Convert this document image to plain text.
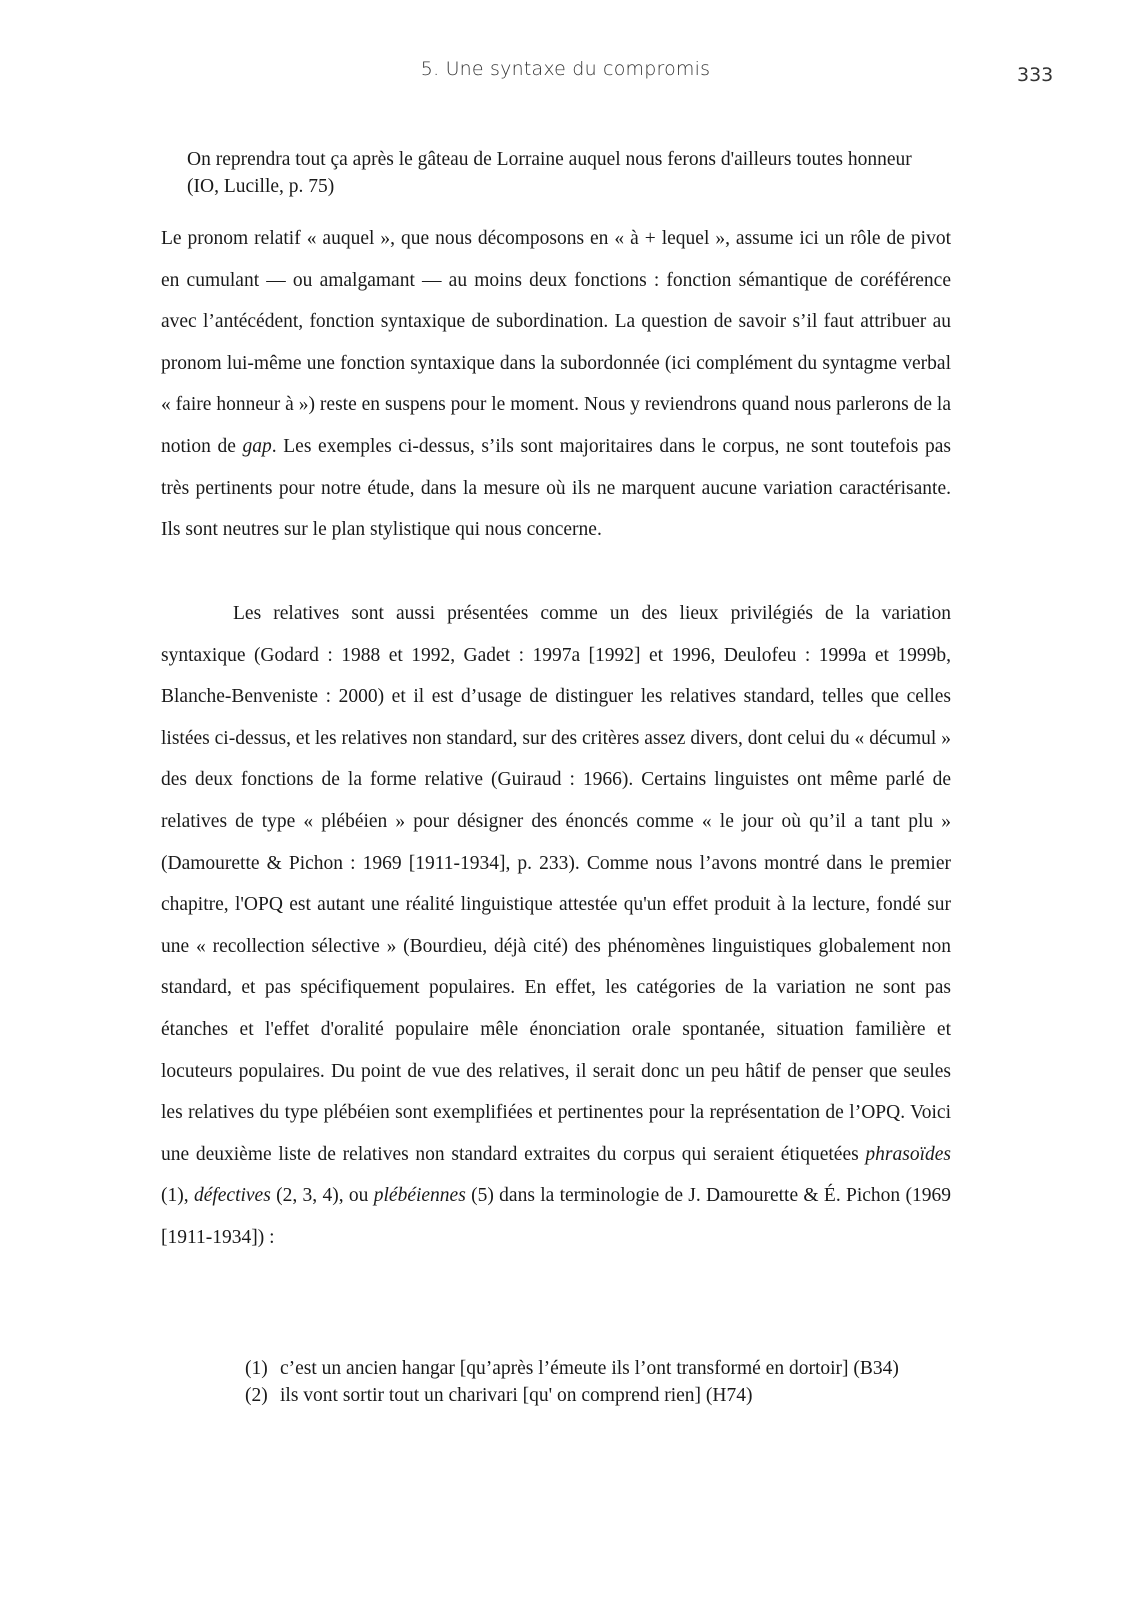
5. Une syntaxe du compromis	333
On reprendra tout ça après le gâteau de Lorraine auquel nous ferons d'ailleurs toutes honneur (IO, Lucille, p. 75)

Le pronom relatif « auquel », que nous décomposons en « à + lequel », assume ici un rôle de pivot en cumulant — ou amalgamant — au moins deux fonctions : fonction sémantique de coréférence avec l’antécédent, fonction syntaxique de subordination. La question de savoir s’il faut attribuer au pronom lui-même une fonction syntaxique dans la subordonnée (ici complément du syntagme verbal « faire honneur à ») reste en suspens pour le moment. Nous y reviendrons quand nous parlerons de la notion de gap. Les exemples ci-dessus, s’ils sont majoritaires dans le corpus, ne sont toutefois pas très pertinents pour notre étude, dans la mesure où ils ne marquent aucune variation caractérisante. Ils sont neutres sur le plan stylistique qui nous concerne.

Les relatives sont aussi présentées comme un des lieux privilégiés de la variation syntaxique (Godard : 1988 et 1992, Gadet : 1997a [1992] et 1996, Deulofeu : 1999a et 1999b, Blanche-Benveniste : 2000) et il est d’usage de distinguer les relatives standard, telles que celles listées ci-dessus, et les relatives non standard, sur des critères assez divers, dont celui du « décumul » des deux fonctions de la forme relative (Guiraud : 1966). Certains linguistes ont même parlé de relatives de type « plébéien » pour désigner des énoncés comme « le jour où qu’il a tant plu » (Damourette & Pichon : 1969 [1911-1934], p. 233). Comme nous l’avons montré dans le premier chapitre, l'OPQ est autant une réalité linguistique attestée qu'un effet produit à la lecture, fondé sur une « recollection sélective » (Bourdieu, déjà cité) des phénomènes linguistiques globalement non standard, et pas spécifiquement populaires. En effet, les catégories de la variation ne sont pas étanches et l'effet d'oralité populaire mêle énonciation orale spontanée, situation familière et locuteurs populaires. Du point de vue des relatives, il serait donc un peu hâtif de penser que seules les relatives du type plébéien sont exemplifiées et pertinentes pour la représentation de l’OPQ. Voici une deuxième liste de relatives non standard extraites du corpus qui seraient étiquetées phrasoïdes (1), défectives (2, 3, 4), ou plébéiennes (5) dans la terminologie de J. Damourette & É. Pichon (1969 [1911-1934]) :

(1) c’est un ancien hangar [qu’après l’émeute ils l’ont transformé en dortoir] (B34)
(2) ils vont sortir tout un charivari [qu' on comprend rien] (H74)
